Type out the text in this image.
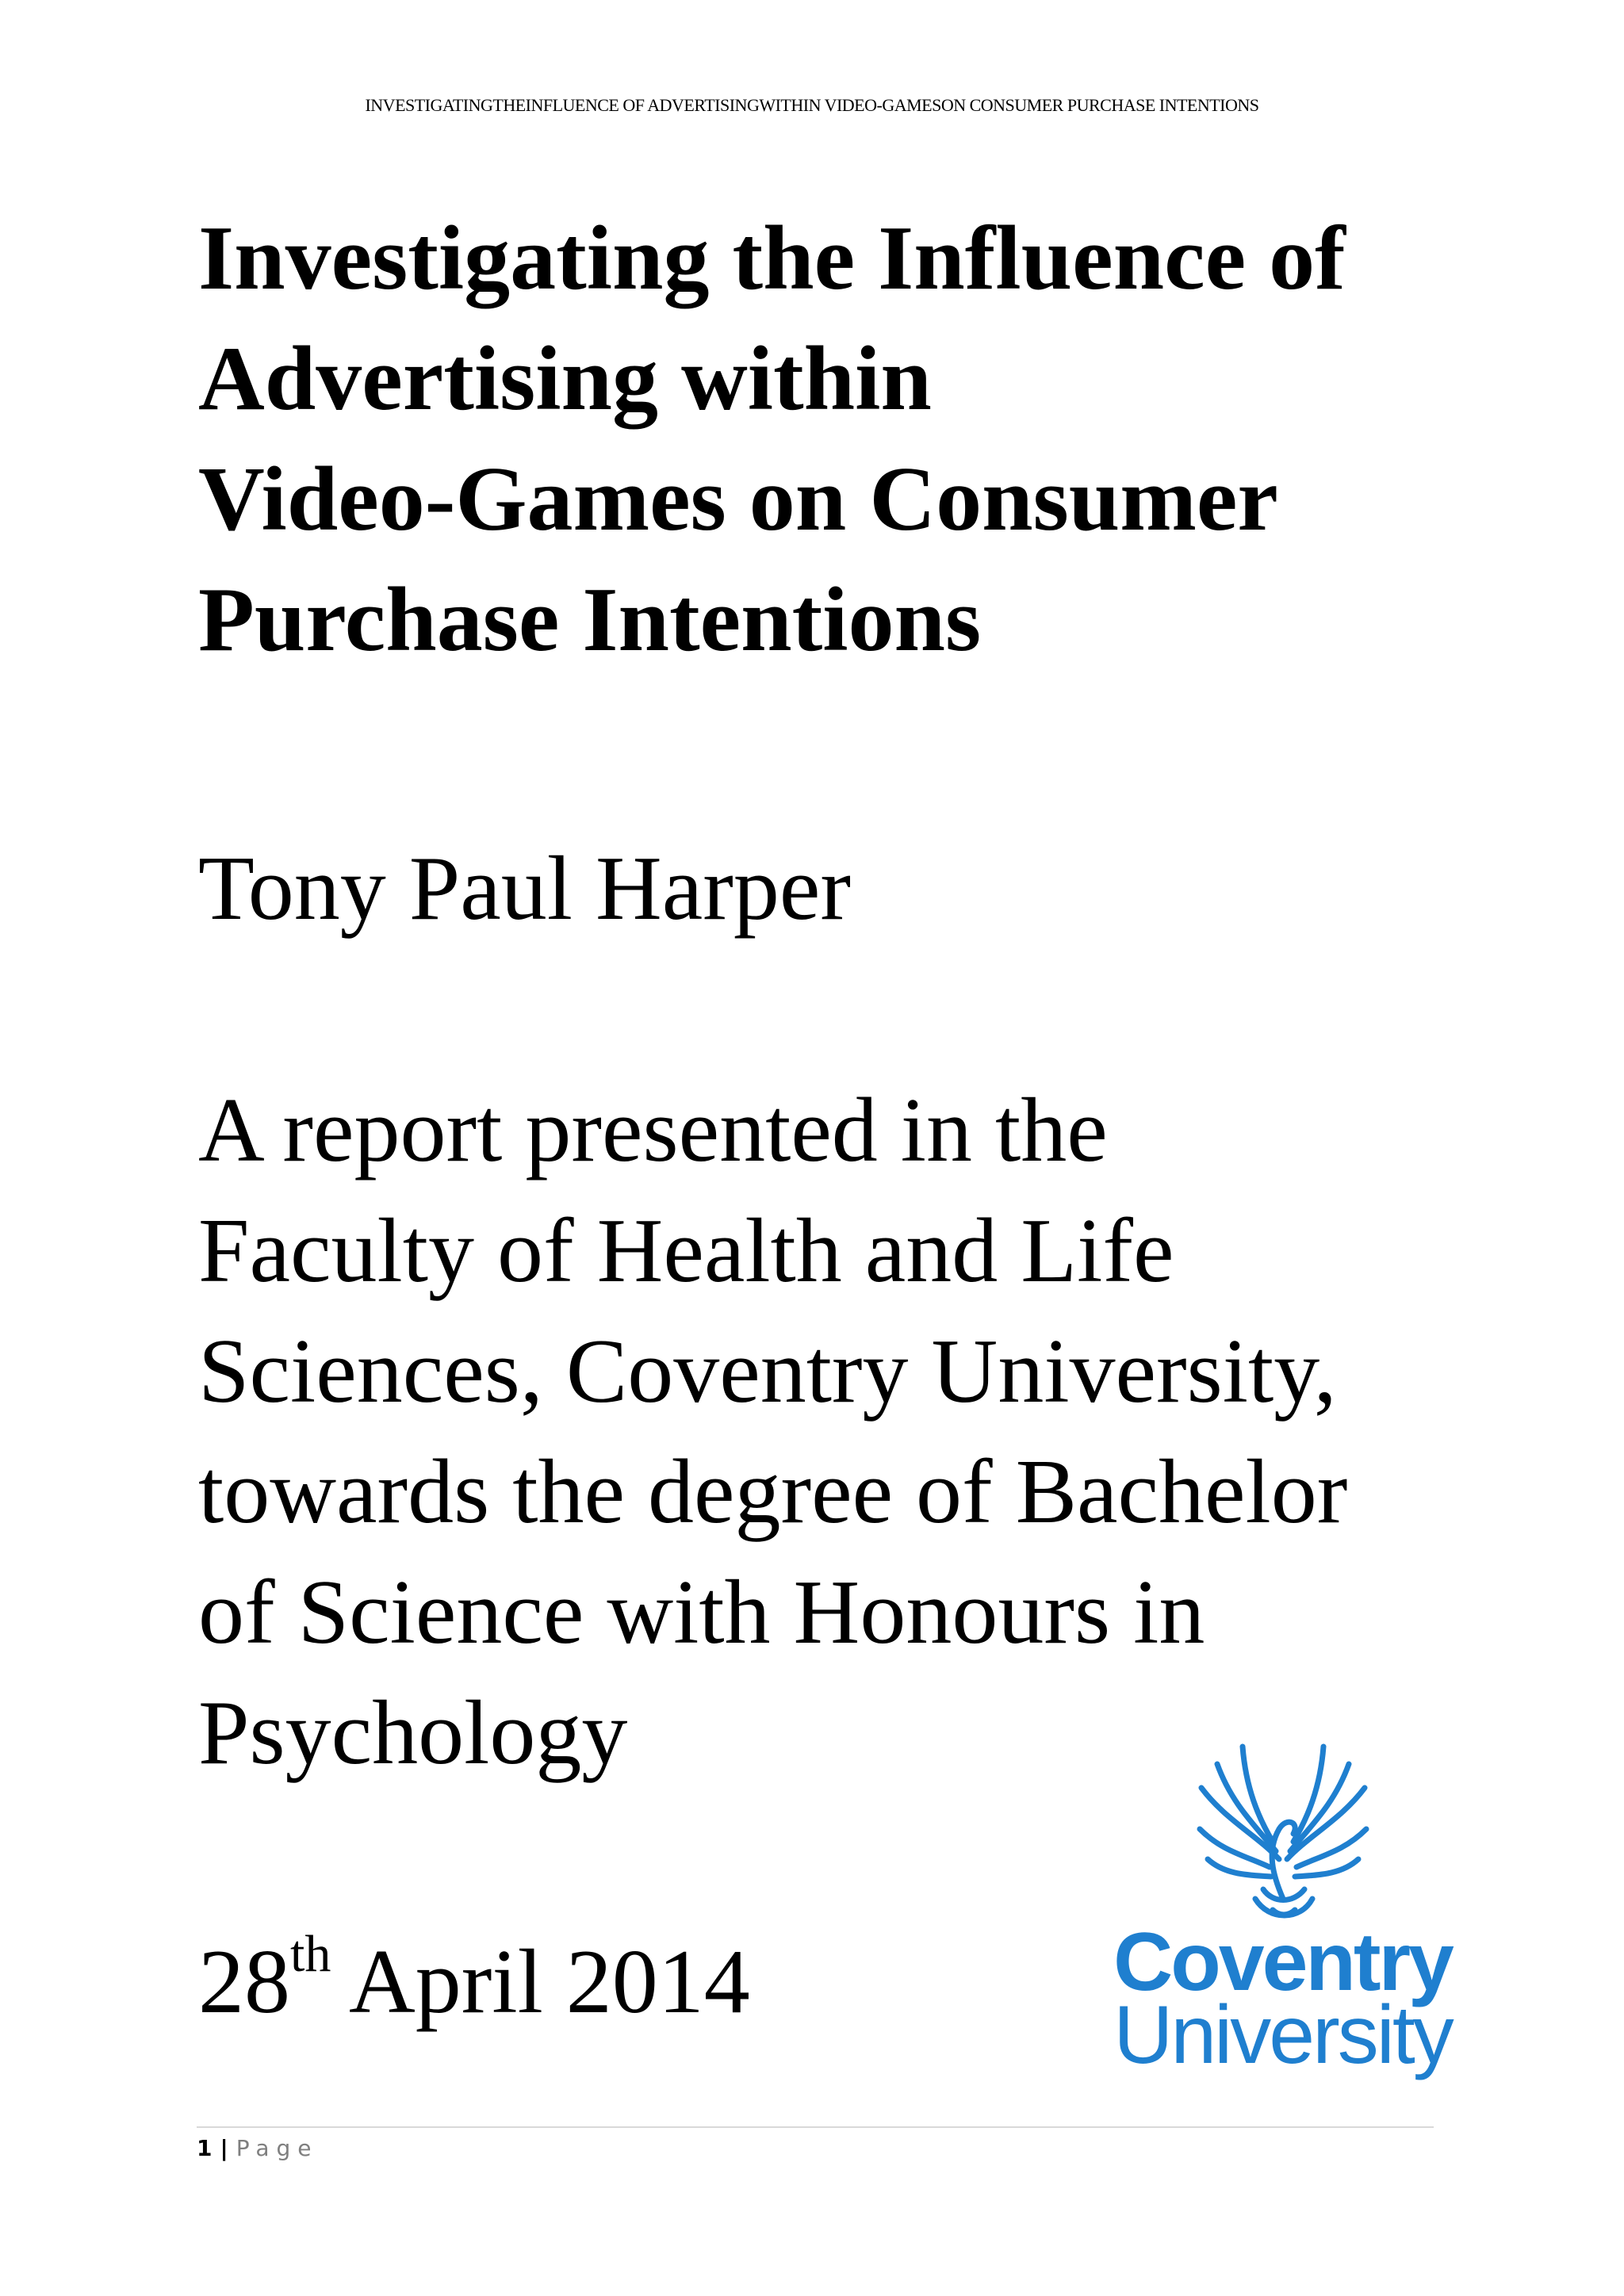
INVESTIGATINGTHEINFLUENCE OF ADVERTISINGWITHIN VIDEO-GAMESON CONSUMER PURCHASE INTENTIONS
Investigating the Influence of
Advertising within
Video-Games on Consumer
Purchase Intentions
Tony Paul Harper
A report presented in the
Faculty of Health and Life
Sciences, Coventry University,
towards the degree of Bachelor
of Science with Honours in
Psychology
28th April 2014	Coventry
University
1 | Page
